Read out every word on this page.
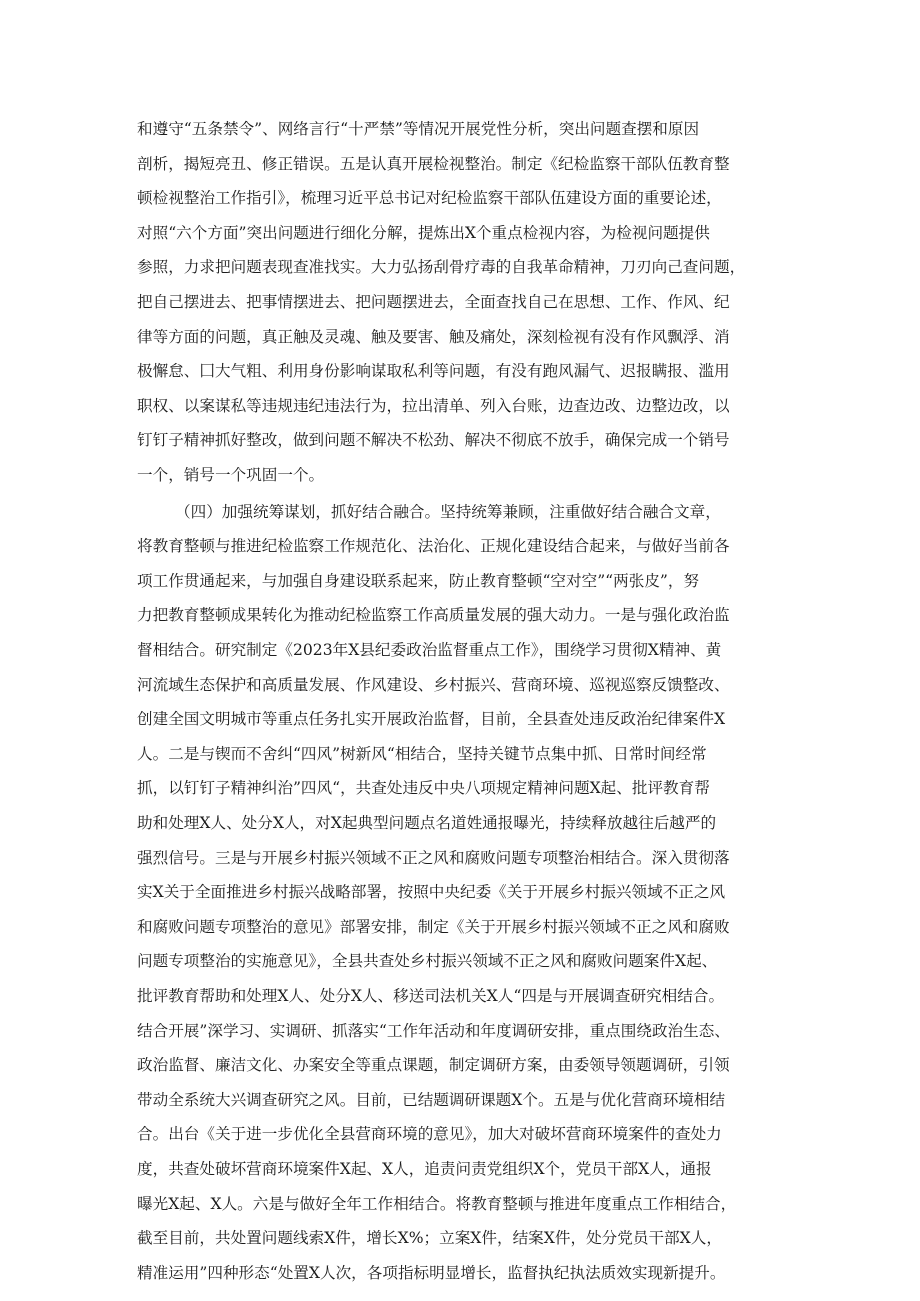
和遵守“五条禁令”、网络言行“十严禁”等情况开展党性分析，突出问题查摆和原因
剖析，揭短亮丑、修正错误。五是认真开展检视整治。制定《纪检监察干部队伍教育整
顿检视整治工作指引》，梳理习近平总书记对纪检监察干部队伍建设方面的重要论述，
对照“六个方面”突出问题进行细化分解，提炼出X个重点检视内容，为检视问题提供
参照，力求把问题表现查准找实。大力弘扬刮骨疗毒的自我革命精神，刀刃向己查问题，
把自己摆进去、把事情摆进去、把问题摆进去，全面查找自己在思想、工作、作风、纪
律等方面的问题，真正触及灵魂、触及要害、触及痛处，深刻检视有没有作风飘浮、消
极懈怠、囗大气粗、利用身份影响谋取私利等问题，有没有跑风漏气、迟报瞒报、滥用
职权、以案谋私等违规违纪违法行为，拉出清单、列入台账，边查边改、边整边改，以
钉钉子精神抓好整改，做到问题不解决不松劲、解决不彻底不放手，确保完成一个销号
一个，销号一个巩固一个。
（四）加强统筹谋划，抓好结合融合。坚持统筹兼顾，注重做好结合融合文章，
将教育整顿与推进纪检监察工作规范化、法治化、正规化建设结合起来，与做好当前各
项工作贯通起来，与加强自身建设联系起来，防止教育整顿“空对空”“两张皮”，努
力把教育整顿成果转化为推动纪检监察工作高质量发展的强大动力。一是与强化政治监
督相结合。研究制定《2023年X县纪委政治监督重点工作》，围绕学习贯彻X精神、黄
河流域生态保护和高质量发展、作风建设、乡村振兴、营商环境、巡视巡察反馈整改、
创建全国文明城市等重点任务扎实开展政治监督，目前，全县查处违反政治纪律案件X
人。二是与锲而不舍纠“四风”树新风“相结合，坚持关键节点集中抓、日常时间经常
抓，以钉钉子精神纠治”四风“，共查处违反中央八项规定精神问题X起、批评教育帮
助和处理X人、处分X人，对X起典型问题点名道姓通报曝光，持续释放越往后越严的
强烈信号。三是与开展乡村振兴领域不正之风和腐败问题专项整治相结合。深入贯彻落
实X关于全面推进乡村振兴战略部署，按照中央纪委《关于开展乡村振兴领域不正之风
和腐败问题专项整治的意见》部署安排，制定《关于开展乡村振兴领域不正之风和腐败
问题专项整治的实施意见》，全县共查处乡村振兴领域不正之风和腐败问题案件X起、
批评教育帮助和处理X人、处分X人、移送司法机关X人“四是与开展调查研究相结合。
结合开展”深学习、实调研、抓落实“工作年活动和年度调研安排，重点围绕政治生态、
政治监督、廉洁文化、办案安全等重点课题，制定调研方案，由委领导领题调研，引领
带动全系统大兴调查研究之风。目前，已结题调研课题X个。五是与优化营商环境相结
合。出台《关于进一步优化全县营商环境的意见》，加大对破坏营商环境案件的查处力
度，共查处破坏营商环境案件X起、X人，追责问责党组织X个，党员干部X人，通报
曝光X起、X人。六是与做好全年工作相结合。将教育整顿与推进年度重点工作相结合，
截至目前，共处置问题线索X件，增长X%；立案X件，结案X件，处分党员干部X人，
精准运用”四种形态“处置X人次，各项指标明显增长，监督执纪执法质效实现新提升。
